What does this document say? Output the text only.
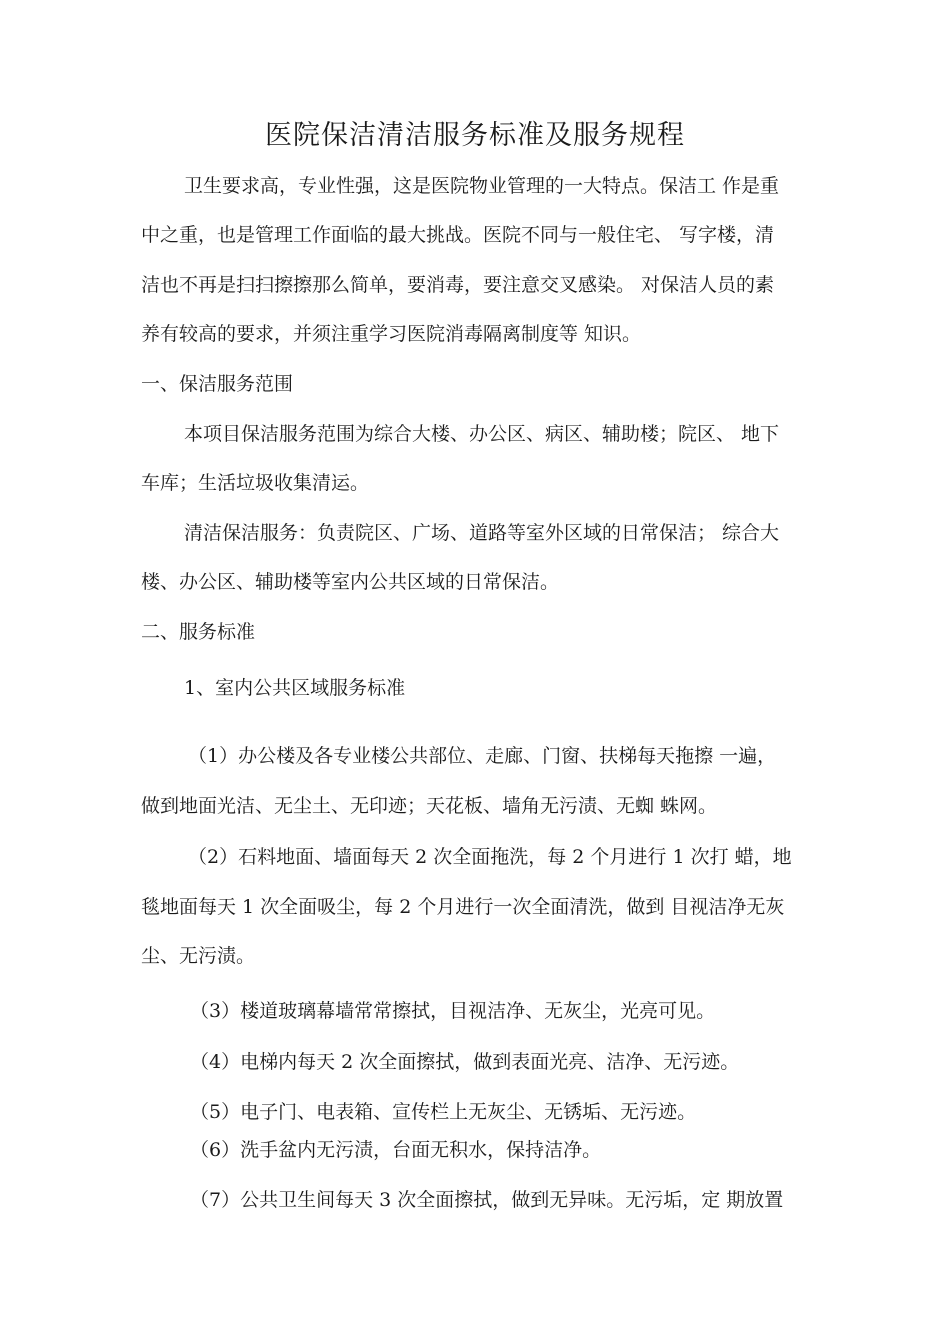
医院保洁清洁服务标准及服务规程
卫生要求高，专业性强，这是医院物业管理的一大特点。保洁工 作是重
中之重，也是管理工作面临的最大挑战。医院不同与一般住宅、 写字楼，清
洁也不再是扫扫擦擦那么简单，要消毒，要注意交叉感染。 对保洁人员的素
养有较高的要求，并须注重学习医院消毒隔离制度等 知识。
一、保洁服务范围
本项目保洁服务范围为综合大楼、办公区、病区、辅助楼；院区、 地下
车库；生活垃圾收集清运。
清洁保洁服务：负责院区、广场、道路等室外区域的日常保洁； 综合大
楼、办公区、辅助楼等室内公共区域的日常保洁。
二、服务标准
1、室内公共区域服务标准
（1）办公楼及各专业楼公共部位、走廊、门窗、扶梯每天拖擦 一遍，
做到地面光洁、无尘土、无印迹；天花板、墙角无污渍、无蜘 蛛网。
（2）石料地面、墙面每天 2 次全面拖洗，每 2 个月进行 1 次打 蜡，地
毯地面每天 1 次全面吸尘，每 2 个月进行一次全面清洗，做到 目视洁净无灰
尘、无污渍。
（3）楼道玻璃幕墙常常擦拭，目视洁净、无灰尘，光亮可见。
（4）电梯内每天 2 次全面擦拭，做到表面光亮、洁净、无污迹。
（5）电子门、电表箱、宣传栏上无灰尘、无锈垢、无污迹。
（6）洗手盆内无污渍，台面无积水，保持洁净。
（7）公共卫生间每天 3 次全面擦拭，做到无异味。无污垢，定 期放置
